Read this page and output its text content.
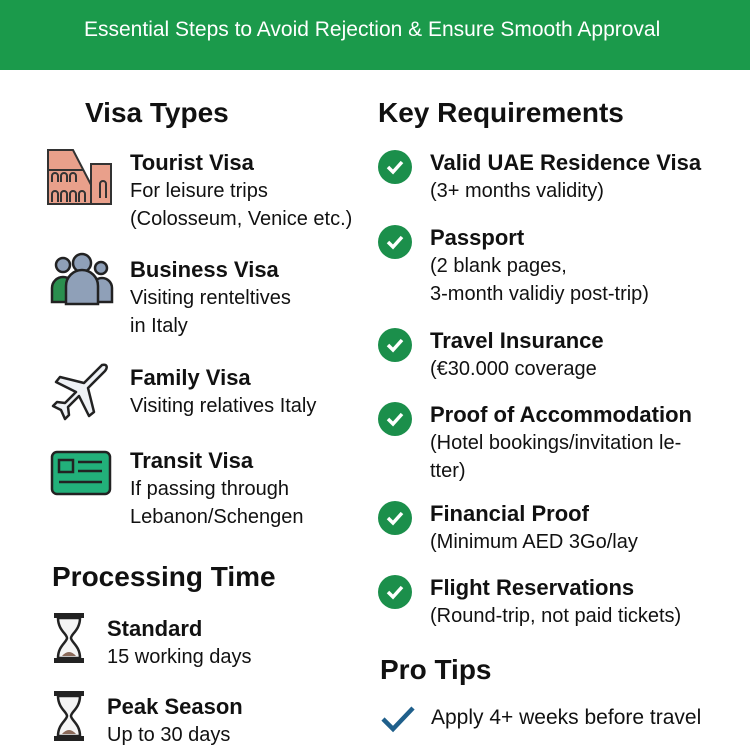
Essential Steps to Avoid Rejection & Ensure Smooth Approval
Visa Types
Tourist Visa
For leisure trips
(Colosseum, Venice etc.)
Business Visa
Visiting renteltives
in Italy
Family Visa
Visiting relatives Italy
Transit Visa
If passing through
Lebanon/Schengen
Processing Time
Standard
15 working days
Peak Season
Up to 30 days
Key Requirements
Valid UAE Residence Visa
(3+ months validity)
Passport
(2 blank pages,
3-month validiy post-trip)
Travel Insurance
(€30.000 coverage
Proof of Accommodation
(Hotel bookings/invitation le-
tter)
Financial Proof
(Minimum AED 3Go/lay
Flight Reservations
(Round-trip, not paid tickets)
Pro Tips
Apply 4+ weeks before travel
